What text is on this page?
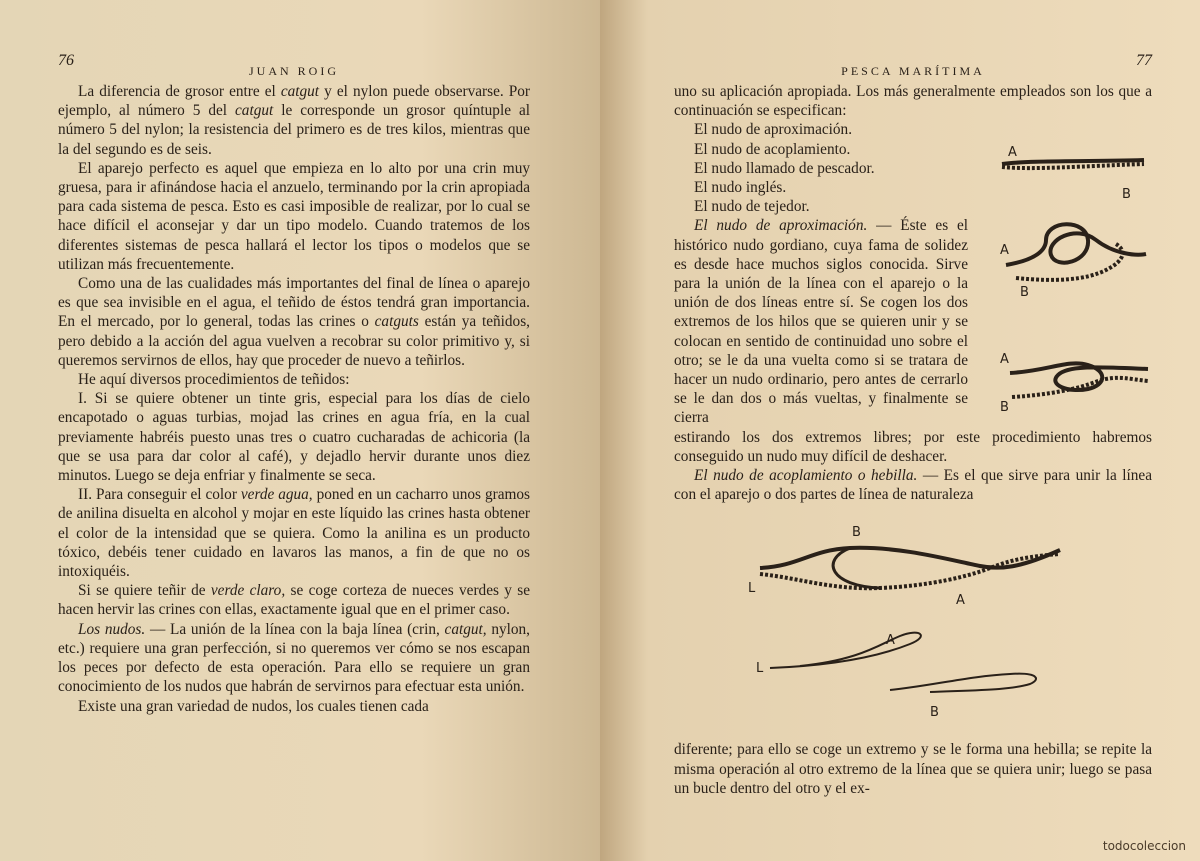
76
JUAN ROIG

La diferencia de grosor entre el catgut y el nylon puede observarse. Por ejemplo, al número 5 del catgut le corresponde un grosor quíntuple al número 5 del nylon; la resistencia del primero es de tres kilos, mientras que la del segundo es de seis.

El aparejo perfecto es aquel que empieza en lo alto por una crin muy gruesa, para ir afinándose hacia el anzuelo, terminando por la crin apropiada para cada sistema de pesca. Esto es casi imposible de realizar, por lo cual se hace difícil el aconsejar y dar un tipo modelo. Cuando tratemos de los diferentes sistemas de pesca hallará el lector los tipos o modelos que se utilizan más frecuentemente.

Como una de las cualidades más importantes del final de línea o aparejo es que sea invisible en el agua, el teñido de éstos tendrá gran importancia. En el mercado, por lo general, todas las crines o catguts están ya teñidos, pero debido a la acción del agua vuelven a recobrar su color primitivo y, si queremos servirnos de ellos, hay que proceder de nuevo a teñirlos.

He aquí diversos procedimientos de teñidos:

I. Si se quiere obtener un tinte gris, especial para los días de cielo encapotado o aguas turbias, mojad las crines en agua fría, en la cual previamente habréis puesto unas tres o cuatro cucharadas de achicoria (la que se usa para dar color al café), y dejadlo hervir durante unos diez minutos. Luego se deja enfriar y finalmente se seca.

II. Para conseguir el color verde agua, poned en un cacharro unos gramos de anilina disuelta en alcohol y mojar en este líquido las crines hasta obtener el color de la intensidad que se quiera. Como la anilina es un producto tóxico, debéis tener cuidado en lavaros las manos, a fin de que no os intoxiquéis.

Si se quiere teñir de verde claro, se coge corteza de nueces verdes y se hacen hervir las crines con ellas, exactamente igual que en el primer caso.

Los nudos. — La unión de la línea con la baja línea (crin, catgut, nylon, etc.) requiere una gran perfección, si no queremos ver cómo se nos escapan los peces por defecto de esta operación. Para ello se requiere un gran conocimiento de los nudos que habrán de servirnos para efectuar esta unión.

Existe una gran variedad de nudos, los cuales tienen cada

77
PESCA MARÍTIMA

uno su aplicación apropiada. Los más generalmente empleados son los que a continuación se especifican:

El nudo de aproximación.
El nudo de acoplamiento.
El nudo llamado de pescador.
El nudo inglés.
El nudo de tejedor.

El nudo de aproximación. — Éste es el histórico nudo gordiano, cuya fama de solidez es desde hace muchos siglos conocida. Sirve para la unión de la línea con el aparejo o la unión de dos líneas entre sí. Se cogen los dos extremos de los hilos que se quieren unir y se colocan en sentido de continuidad uno sobre el otro; se le da una vuelta como si se tratara de hacer un nudo ordinario, pero antes de cerrarlo se le dan dos o más vueltas, y finalmente se cierra

estirando los dos extremos libres; por este procedimiento habremos conseguido un nudo muy difícil de deshacer.

El nudo de acoplamiento o hebilla. — Es el que sirve para unir la línea con el aparejo o dos partes de línea de naturaleza

diferente; para ello se coge un extremo y se le forma una hebilla; se repite la misma operación al otro extremo de la línea que se quiera unir; luego se pasa un bucle dentro del otro y el ex-

A
B
A
B
A
B
B
A
L
A
L
B
todocoleccion
